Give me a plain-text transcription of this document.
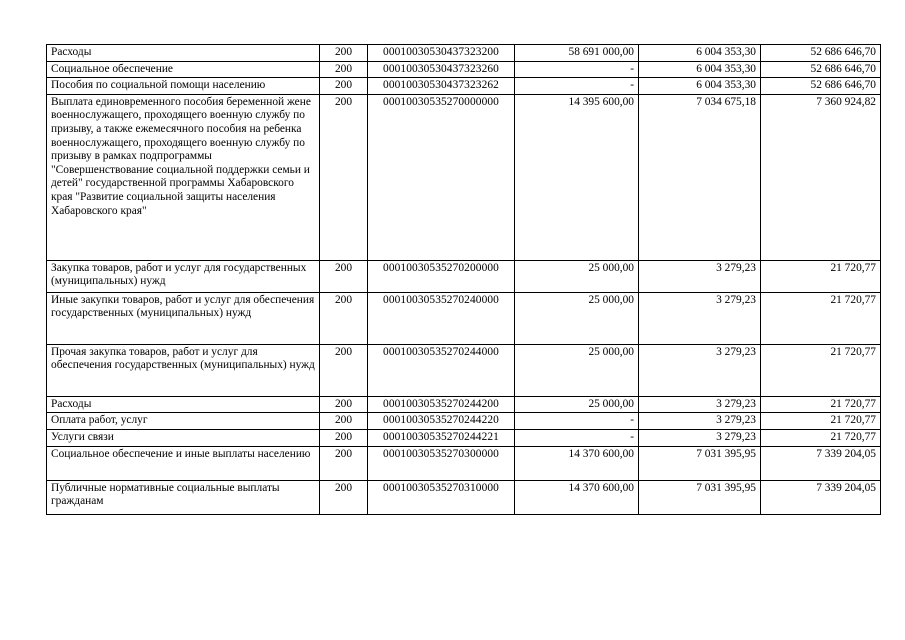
Расходы	200	00010030530437323200	58 691 000,00	6 004 353,30	52 686 646,70
Социальное обеспечение	200	00010030530437323260	-	6 004 353,30	52 686 646,70
Пособия по социальной помощи населению	200	00010030530437323262	-	6 004 353,30	52 686 646,70
Выплата единовременного пособия беременной жене военнослужащего, проходящего военную службу по призыву, а также ежемесячного пособия на ребенка военнослужащего, проходящего военную службу по призыву в рамках подпрограммы "Совершенствование социальной поддержки семьи и детей" государственной программы Хабаровского края "Развитие социальной защиты населения Хабаровского края"	200	00010030535270000000	14 395 600,00	7 034 675,18	7 360 924,82
Закупка товаров, работ и услуг для государственных (муниципальных) нужд	200	00010030535270200000	25 000,00	3 279,23	21 720,77
Иные закупки товаров, работ и услуг для обеспечения государственных (муниципальных) нужд	200	00010030535270240000	25 000,00	3 279,23	21 720,77
Прочая закупка товаров, работ и услуг для обеспечения государственных (муниципальных) нужд	200	00010030535270244000	25 000,00	3 279,23	21 720,77
Расходы	200	00010030535270244200	25 000,00	3 279,23	21 720,77
Оплата работ, услуг	200	00010030535270244220	-	3 279,23	21 720,77
Услуги связи	200	00010030535270244221	-	3 279,23	21 720,77
Социальное обеспечение и иные выплаты населению	200	00010030535270300000	14 370 600,00	7 031 395,95	7 339 204,05
Публичные нормативные социальные выплаты гражданам	200	00010030535270310000	14 370 600,00	7 031 395,95	7 339 204,05
